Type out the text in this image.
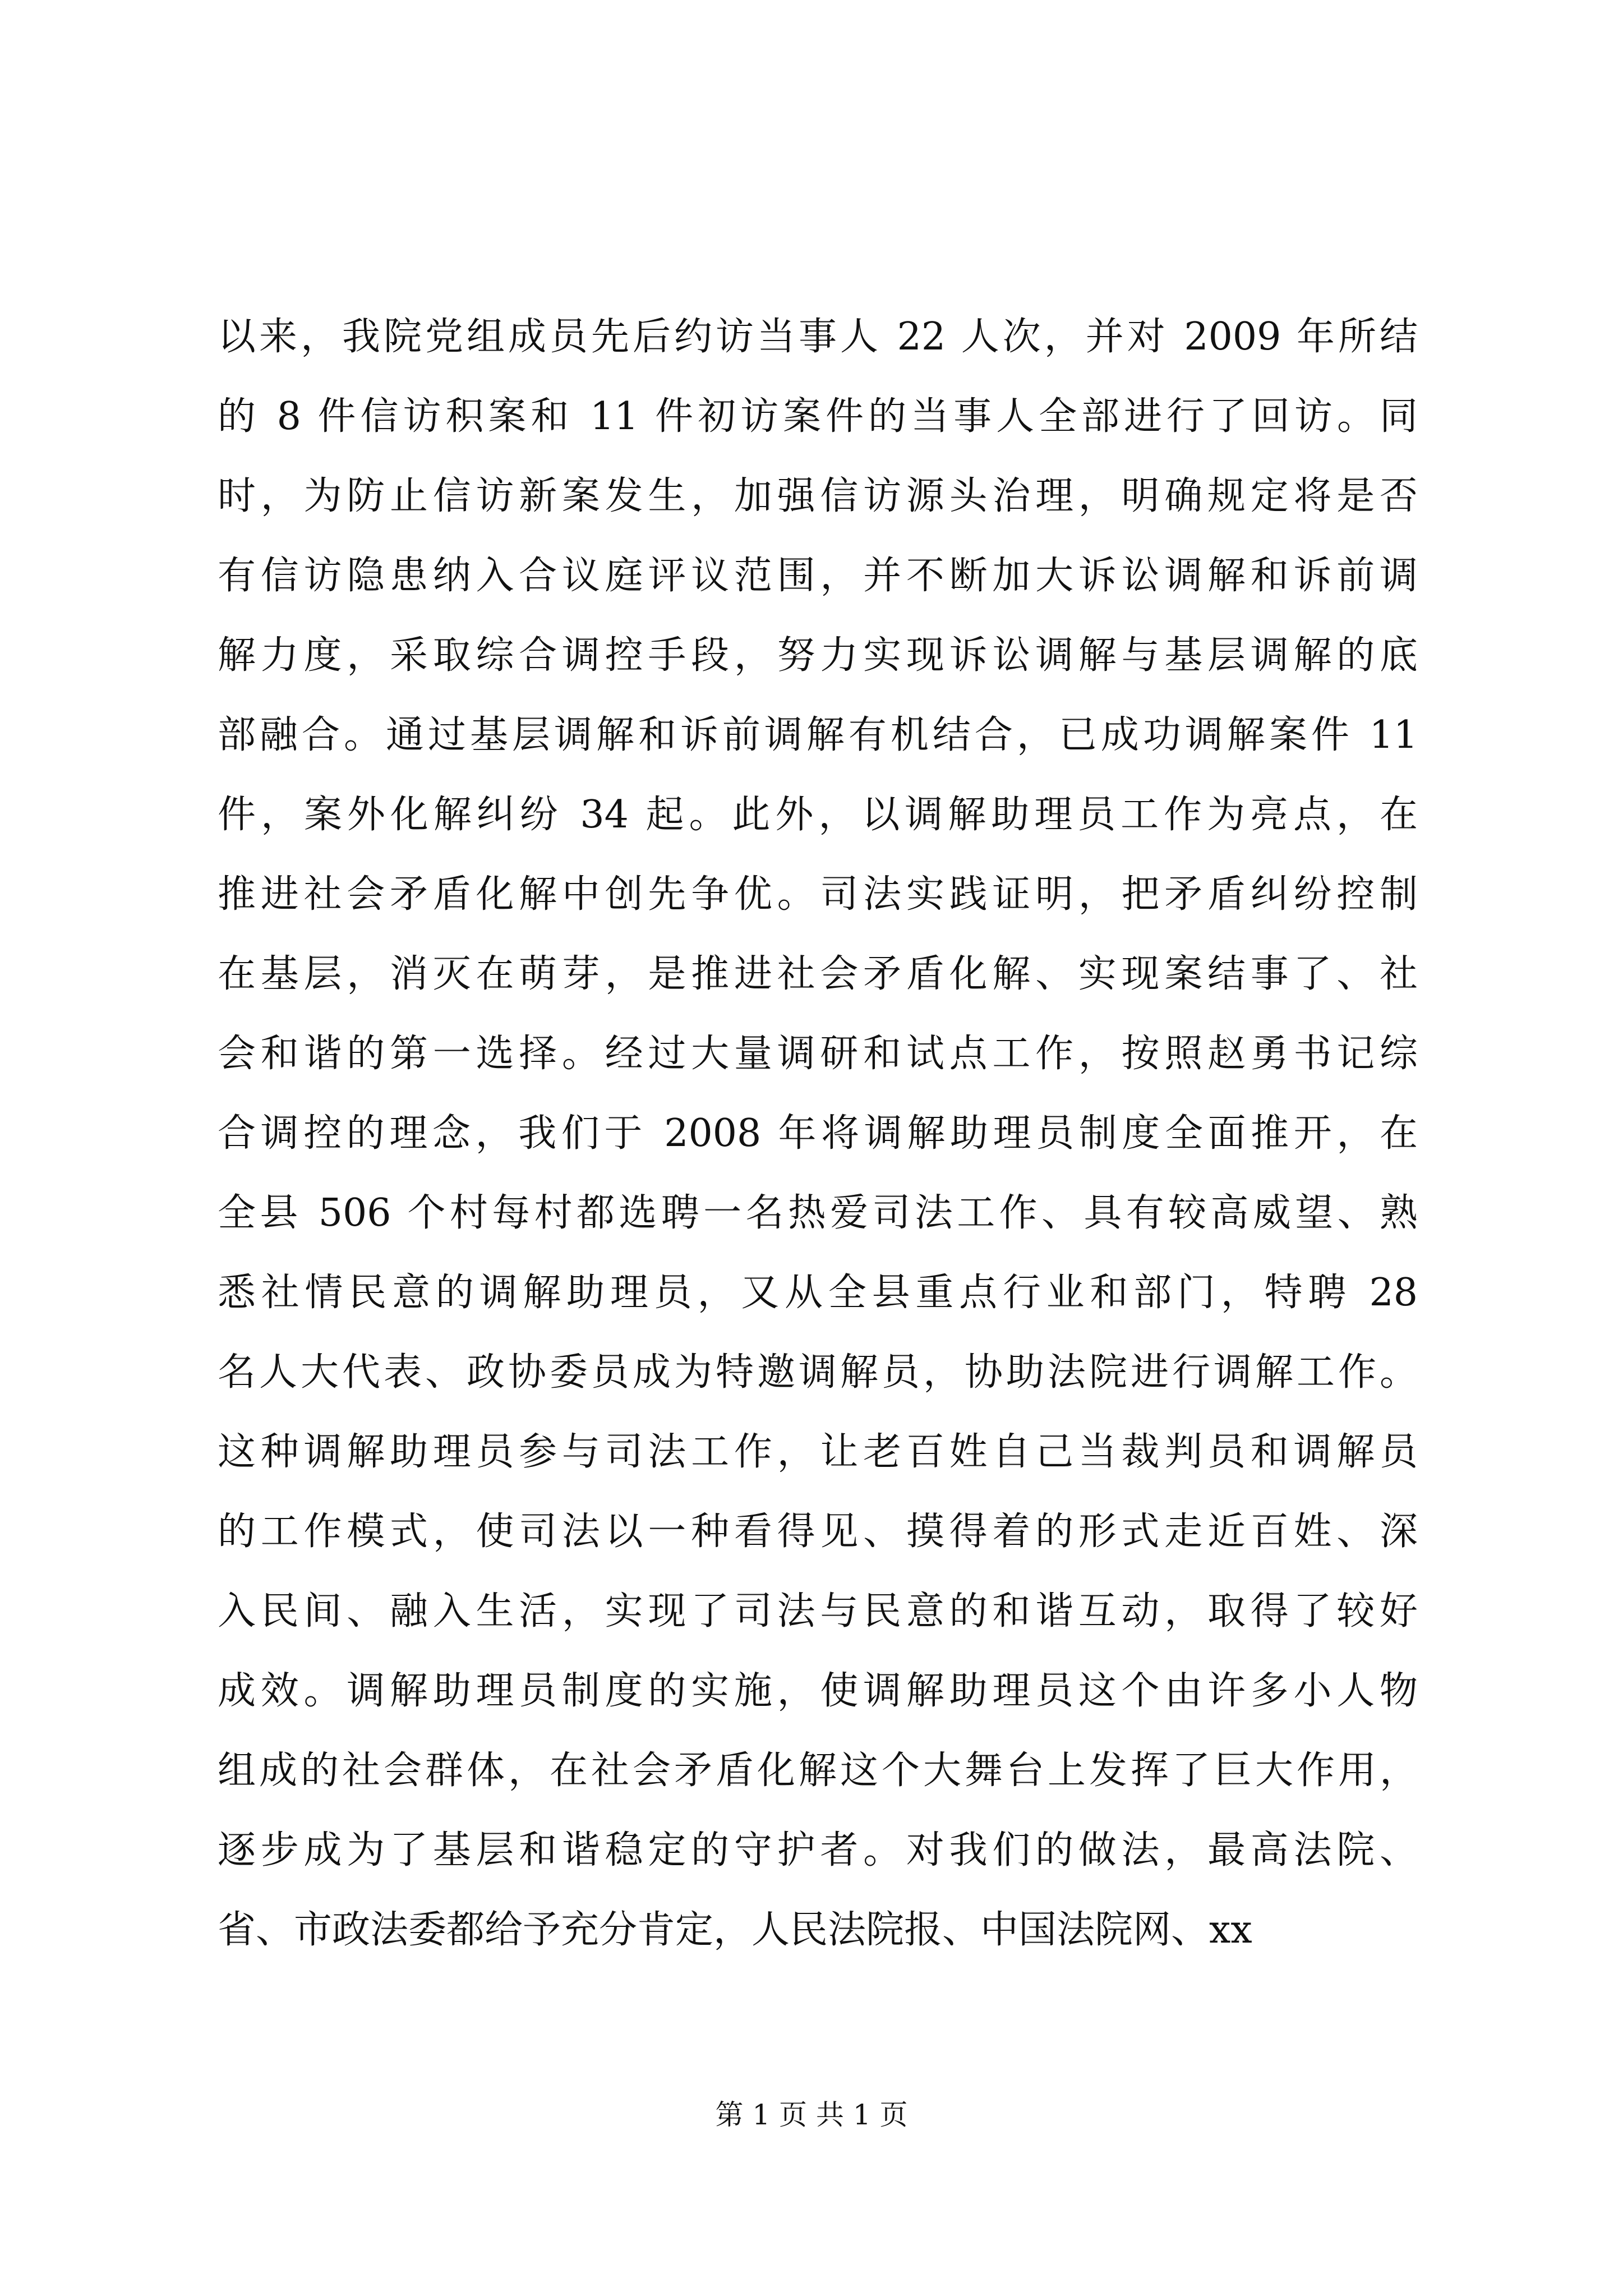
以来，我院党组成员先后约访当事人 22 人次，并对 2009 年所结
的 8 件信访积案和 11 件初访案件的当事人全部进行了回访。同
时，为防止信访新案发生，加强信访源头治理，明确规定将是否
有信访隐患纳入合议庭评议范围，并不断加大诉讼调解和诉前调
解力度，采取综合调控手段，努力实现诉讼调解与基层调解的底
部融合。通过基层调解和诉前调解有机结合，已成功调解案件 11
件，案外化解纠纷 34 起。此外，以调解助理员工作为亮点，在
推进社会矛盾化解中创先争优。司法实践证明，把矛盾纠纷控制
在基层，消灭在萌芽，是推进社会矛盾化解、实现案结事了、社
会和谐的第一选择。经过大量调研和试点工作，按照赵勇书记综
合调控的理念，我们于 2008 年将调解助理员制度全面推开，在
全县 506 个村每村都选聘一名热爱司法工作、具有较高威望、熟
悉社情民意的调解助理员，又从全县重点行业和部门，特聘 28
名人大代表、政协委员成为特邀调解员，协助法院进行调解工作。
这种调解助理员参与司法工作，让老百姓自己当裁判员和调解员
的工作模式，使司法以一种看得见、摸得着的形式走近百姓、深
入民间、融入生活，实现了司法与民意的和谐互动，取得了较好
成效。调解助理员制度的实施，使调解助理员这个由许多小人物
组成的社会群体，在社会矛盾化解这个大舞台上发挥了巨大作用，
逐步成为了基层和谐稳定的守护者。对我们的做法，最高法院、
省、市政法委都给予充分肯定，人民法院报、中国法院网、xx
第 1 页 共 1 页
